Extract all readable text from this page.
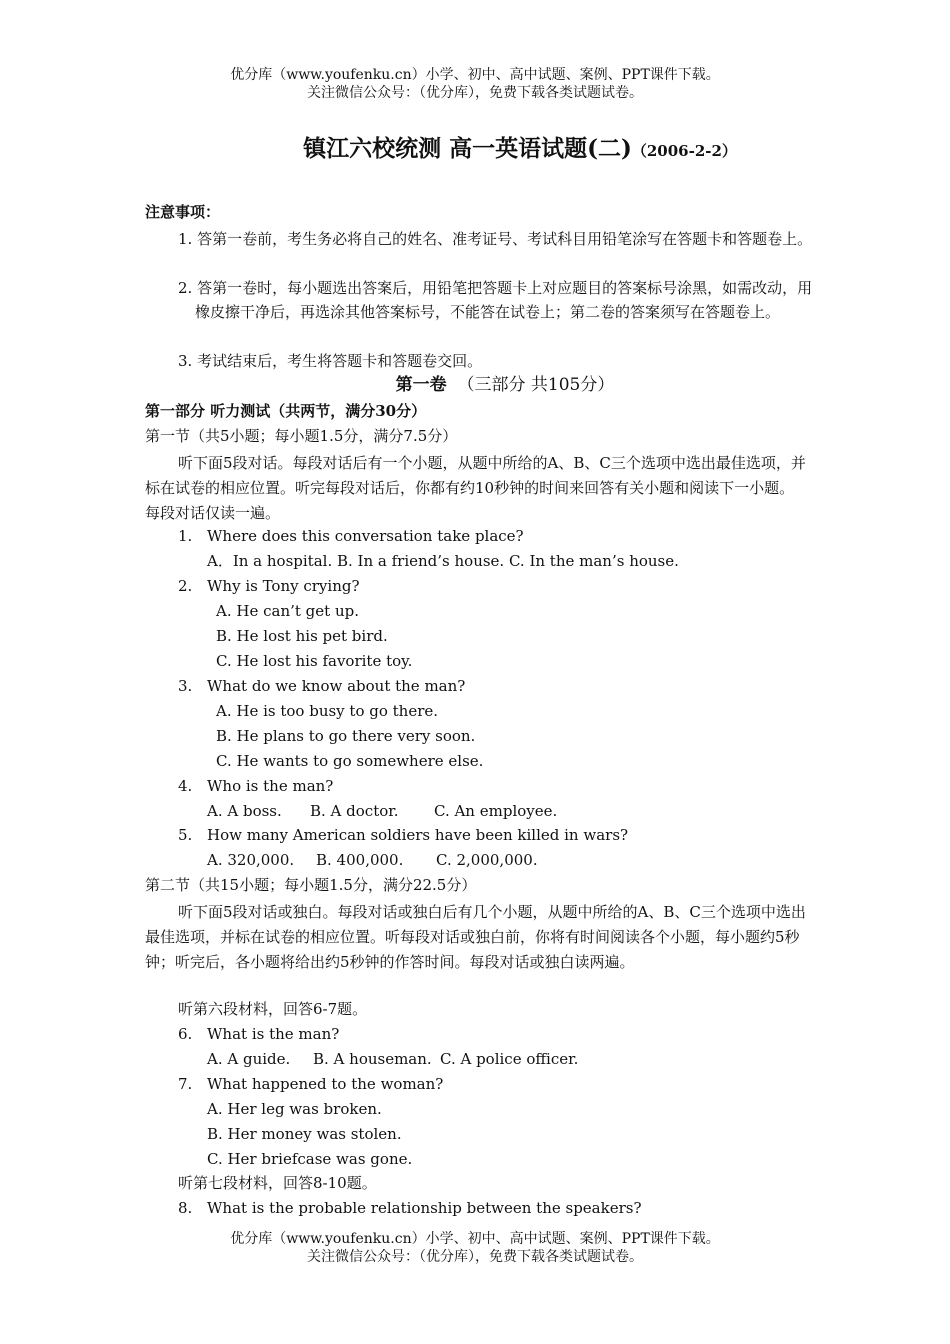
优分库（www.youfenku.cn）小学、初中、高中试题、案例、PPT课件下载。
关注微信公众号：（优分库），免费下载各类试题试卷。
镇江六校统测 高一英语试题(二)（2006-2-2）
注意事项：
1. 答第一卷前，考生务必将自己的姓名、准考证号、考试科目用铅笔涂写在答题卡和答题卷上。
2. 答第一卷时，每小题选出答案后，用铅笔把答题卡上对应题目的答案标号涂黑，如需改动，用橡皮擦干净后，再选涂其他答案标号，不能答在试卷上；第二卷的答案须写在答题卷上。
3. 考试结束后，考生将答题卡和答题卷交回。
第一卷 （三部分 共105分）
第一部分 听力测试（共两节，满分30分）
第一节（共5小题；每小题1.5分，满分7.5分）
听下面5段对话。每段对话后有一个小题，从题中所给的A、B、C三个选项中选出最佳选项，并标在试卷的相应位置。听完每段对话后，你都有约10秒钟的时间来回答有关小题和阅读下一小题。每段对话仅读一遍。
1. Where does this conversation take place?
A．In a hospital. B. In a friend’s house. C. In the man’s house.
2. Why is Tony crying?
A. He can’t get up.
B. He lost his pet bird.
C. He lost his favorite toy.
3. What do we know about the man?
A. He is too busy to go there.
B. He plans to go there very soon.
C. He wants to go somewhere else.
4. Who is the man?
A. A boss. B. A doctor. C. An employee.
5. How many American soldiers have been killed in wars?
A. 320,000. B. 400,000. C. 2,000,000.
第二节（共15小题；每小题1.5分，满分22.5分）
听下面5段对话或独白。每段对话或独白后有几个小题，从题中所给的A、B、C三个选项中选出最佳选项，并标在试卷的相应位置。听每段对话或独白前，你将有时间阅读各个小题，每小题约5秒钟；听完后，各小题将给出约5秒钟的作答时间。每段对话或独白读两遍。
听第六段材料，回答6-7题。
6. What is the man?
A. A guide. B. A houseman. C. A police officer.
7. What happened to the woman?
A. Her leg was broken.
B. Her money was stolen.
C. Her briefcase was gone.
听第七段材料，回答8-10题。
8. What is the probable relationship between the speakers?
优分库（www.youfenku.cn）小学、初中、高中试题、案例、PPT课件下载。
关注微信公众号：（优分库），免费下载各类试题试卷。
